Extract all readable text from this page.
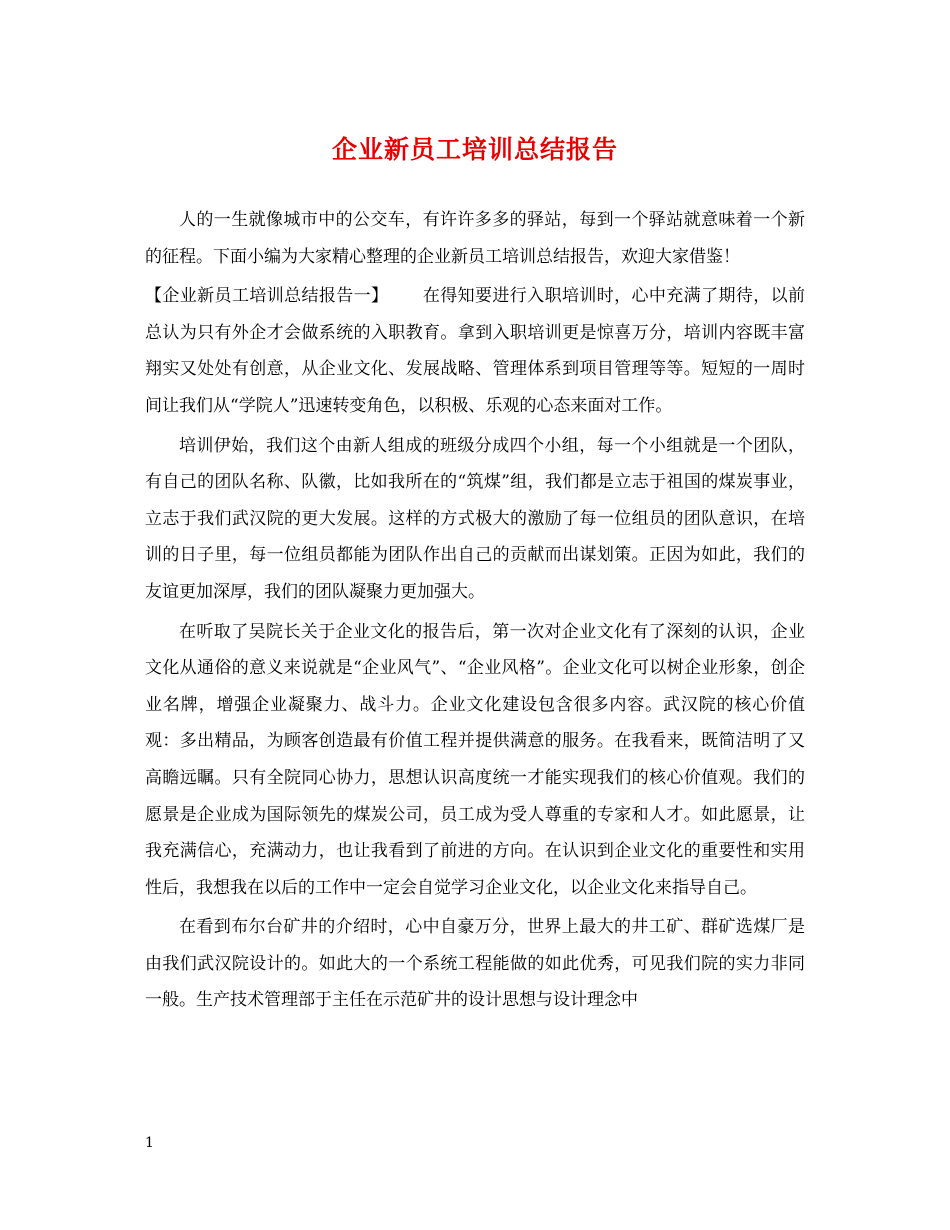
企业新员工培训总结报告

人的一生就像城市中的公交车，有许许多多的驿站，每到一个驿站就意味着一个新的征程。下面小编为大家精心整理的企业新员工培训总结报告，欢迎大家借鉴！

【企业新员工培训总结报告一】 在得知要进行入职培训时，心中充满了期待，以前总认为只有外企才会做系统的入职教育。拿到入职培训更是惊喜万分，培训内容既丰富翔实又处处有创意，从企业文化、发展战略、管理体系到项目管理等等。短短的一周时间让我们从“学院人”迅速转变角色，以积极、乐观的心态来面对工作。

培训伊始，我们这个由新人组成的班级分成四个小组，每一个小组就是一个团队，有自己的团队名称、队徽，比如我所在的“筑煤”组，我们都是立志于祖国的煤炭事业，立志于我们武汉院的更大发展。这样的方式极大的激励了每一位组员的团队意识，在培训的日子里，每一位组员都能为团队作出自己的贡献而出谋划策。正因为如此，我们的友谊更加深厚，我们的团队凝聚力更加强大。

在听取了吴院长关于企业文化的报告后，第一次对企业文化有了深刻的认识，企业文化从通俗的意义来说就是“企业风气”、“企业风格”。企业文化可以树企业形象，创企业名牌，增强企业凝聚力、战斗力。企业文化建设包含很多内容。武汉院的核心价值观：多出精品，为顾客创造最有价值工程并提供满意的服务。在我看来，既简洁明了又高瞻远瞩。只有全院同心协力，思想认识高度统一才能实现我们的核心价值观。我们的愿景是企业成为国际领先的煤炭公司，员工成为受人尊重的专家和人才。如此愿景，让我充满信心，充满动力，也让我看到了前进的方向。在认识到企业文化的重要性和实用性后，我想我在以后的工作中一定会自觉学习企业文化，以企业文化来指导自己。

在看到布尔台矿井的介绍时，心中自豪万分，世界上最大的井工矿、群矿选煤厂是由我们武汉院设计的。如此大的一个系统工程能做的如此优秀，可见我们院的实力非同一般。生产技术管理部于主任在示范矿井的设计思想与设计理念中

1
